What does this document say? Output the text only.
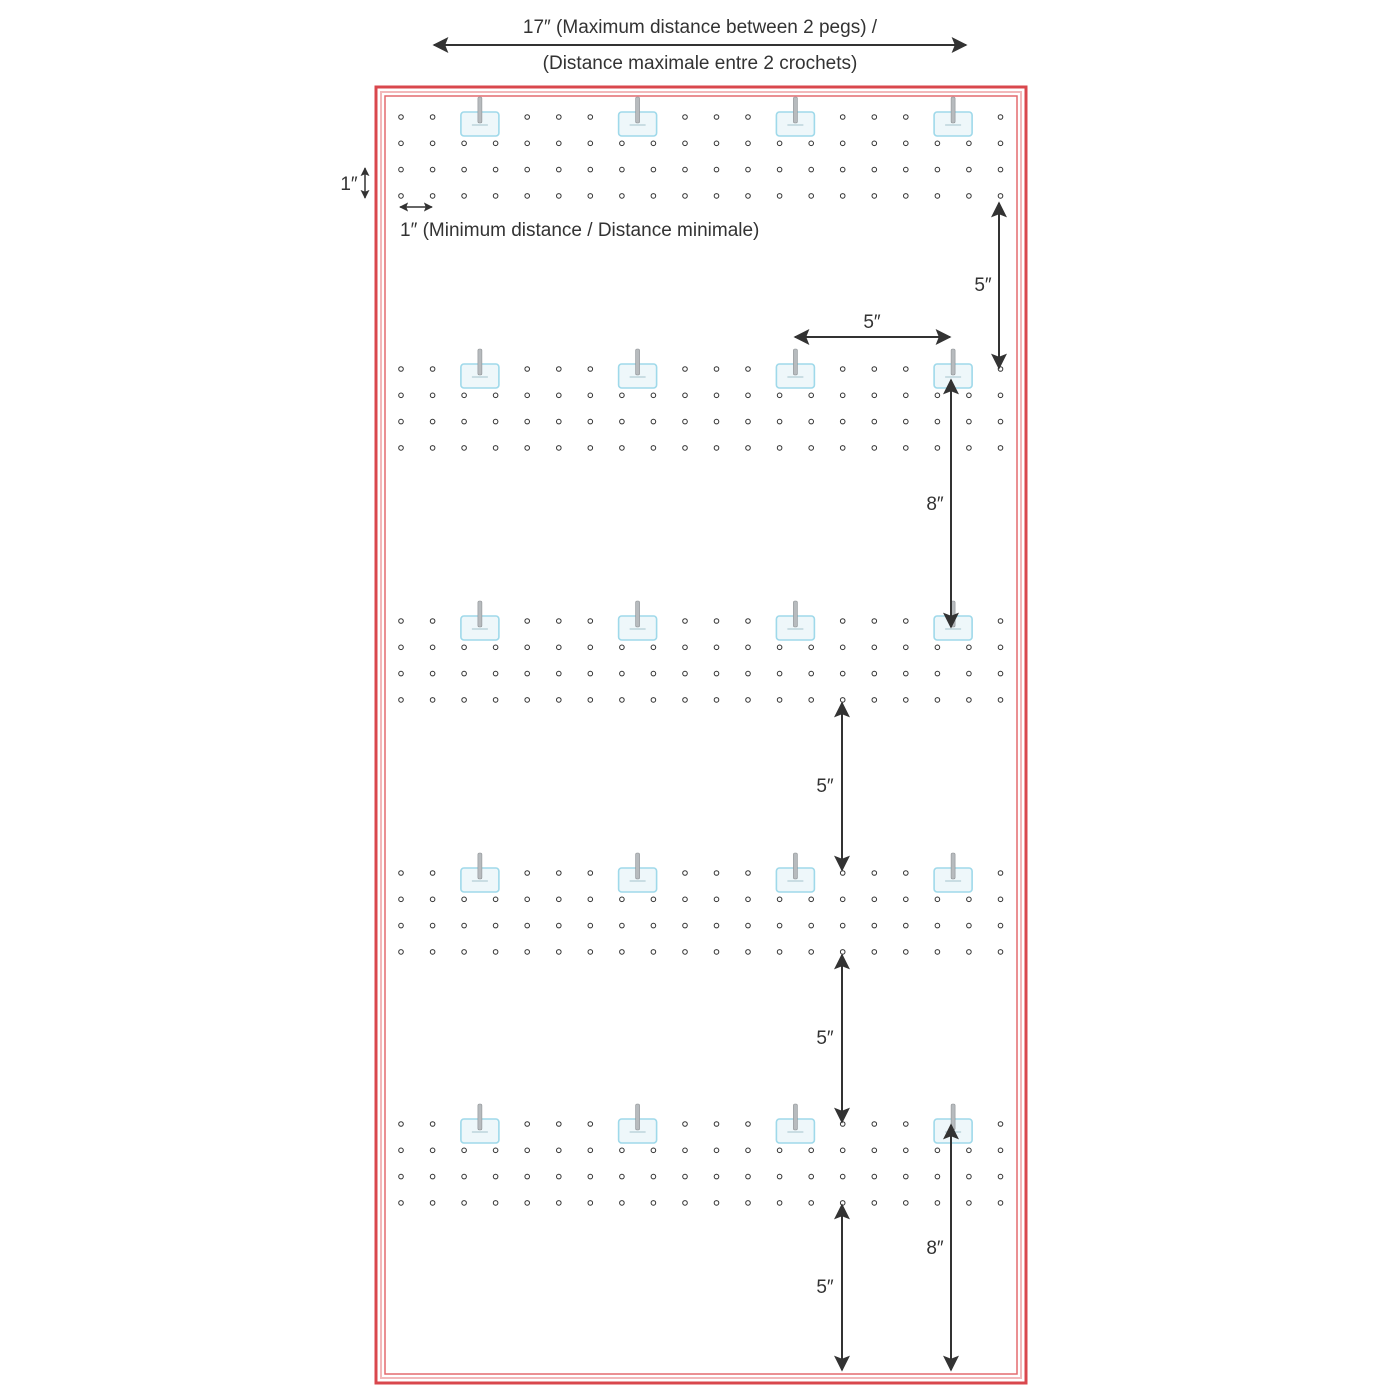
17″ (Maximum distance between 2 pegs) /
(Distance maximale entre 2 crochets)
1″
1″ (Minimum distance / Distance minimale)
5″
5″
8″
5″
5″
5″
8″
